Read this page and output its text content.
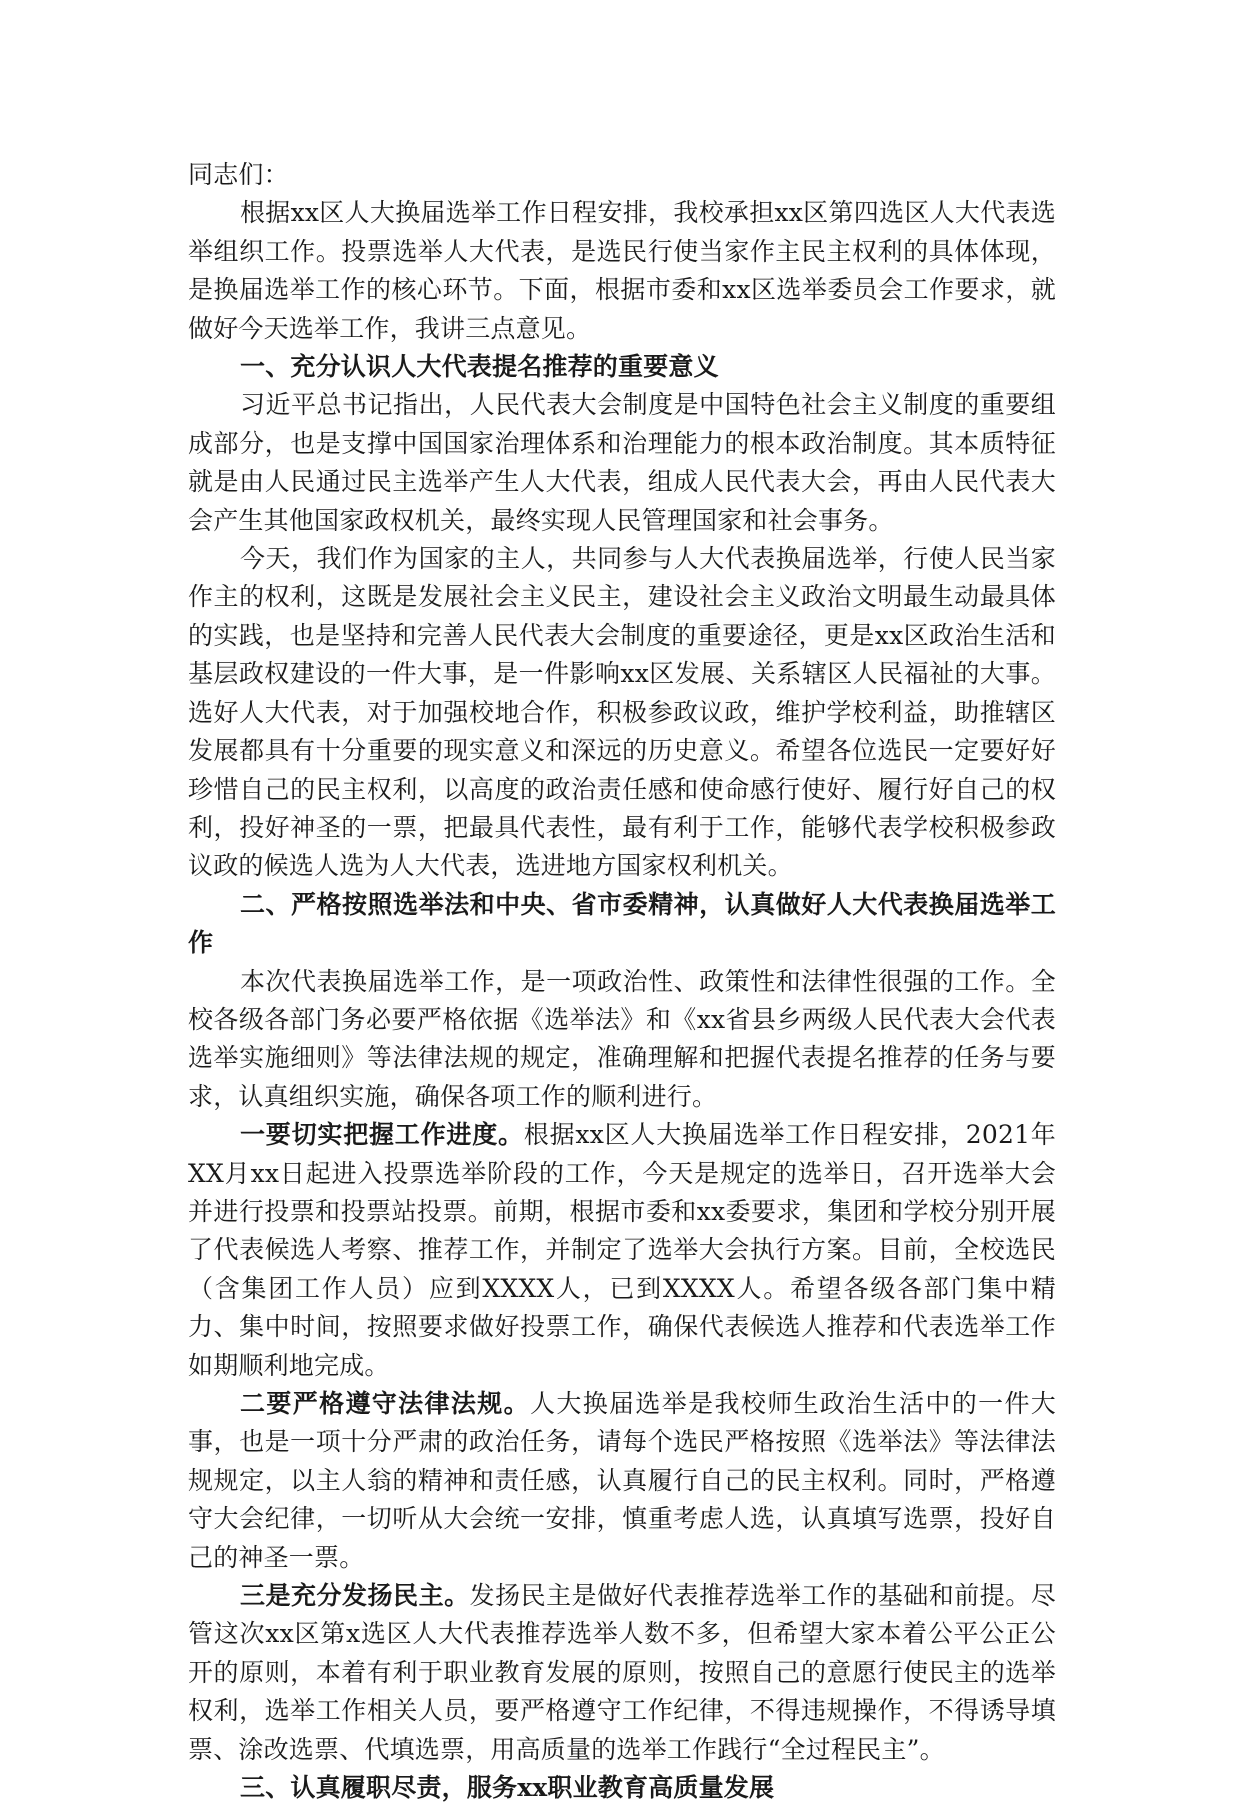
同志们：

根据xx区人大换届选举工作日程安排，我校承担xx区第四选区人大代表选举组织工作。投票选举人大代表，是选民行使当家作主民主权利的具体体现，是换届选举工作的核心环节。下面，根据市委和xx区选举委员会工作要求，就做好今天选举工作，我讲三点意见。

一、充分认识人大代表提名推荐的重要意义

习近平总书记指出，人民代表大会制度是中国特色社会主义制度的重要组成部分，也是支撑中国国家治理体系和治理能力的根本政治制度。其本质特征就是由人民通过民主选举产生人大代表，组成人民代表大会，再由人民代表大会产生其他国家政权机关，最终实现人民管理国家和社会事务。

今天，我们作为国家的主人，共同参与人大代表换届选举，行使人民当家作主的权利，这既是发展社会主义民主，建设社会主义政治文明最生动最具体的实践，也是坚持和完善人民代表大会制度的重要途径，更是xx区政治生活和基层政权建设的一件大事，是一件影响xx区发展、关系辖区人民福祉的大事。选好人大代表，对于加强校地合作，积极参政议政，维护学校利益，助推辖区发展都具有十分重要的现实意义和深远的历史意义。希望各位选民一定要好好珍惜自己的民主权利，以高度的政治责任感和使命感行使好、履行好自己的权利，投好神圣的一票，把最具代表性，最有利于工作，能够代表学校积极参政议政的候选人选为人大代表，选进地方国家权利机关。

二、严格按照选举法和中央、省市委精神，认真做好人大代表换届选举工作

本次代表换届选举工作，是一项政治性、政策性和法律性很强的工作。全校各级各部门务必要严格依据《选举法》和《xx省县乡两级人民代表大会代表选举实施细则》等法律法规的规定，准确理解和把握代表提名推荐的任务与要求，认真组织实施，确保各项工作的顺利进行。

一要切实把握工作进度。根据xx区人大换届选举工作日程安排，2021年XX月xx日起进入投票选举阶段的工作，今天是规定的选举日，召开选举大会并进行投票和投票站投票。前期，根据市委和xx委要求，集团和学校分别开展了代表候选人考察、推荐工作，并制定了选举大会执行方案。目前，全校选民（含集团工作人员）应到XXXX人，已到XXXX人。希望各级各部门集中精力、集中时间，按照要求做好投票工作，确保代表候选人推荐和代表选举工作如期顺利地完成。

二要严格遵守法律法规。人大换届选举是我校师生政治生活中的一件大事，也是一项十分严肃的政治任务，请每个选民严格按照《选举法》等法律法规规定，以主人翁的精神和责任感，认真履行自己的民主权利。同时，严格遵守大会纪律，一切听从大会统一安排，慎重考虑人选，认真填写选票，投好自己的神圣一票。

三是充分发扬民主。发扬民主是做好代表推荐选举工作的基础和前提。尽管这次xx区第x选区人大代表推荐选举人数不多，但希望大家本着公平公正公开的原则，本着有利于职业教育发展的原则，按照自己的意愿行使民主的选举权利，选举工作相关人员，要严格遵守工作纪律，不得违规操作，不得诱导填票、涂改选票、代填选票，用高质量的选举工作践行“全过程民主”。

三、认真履职尽责，服务xx职业教育高质量发展
